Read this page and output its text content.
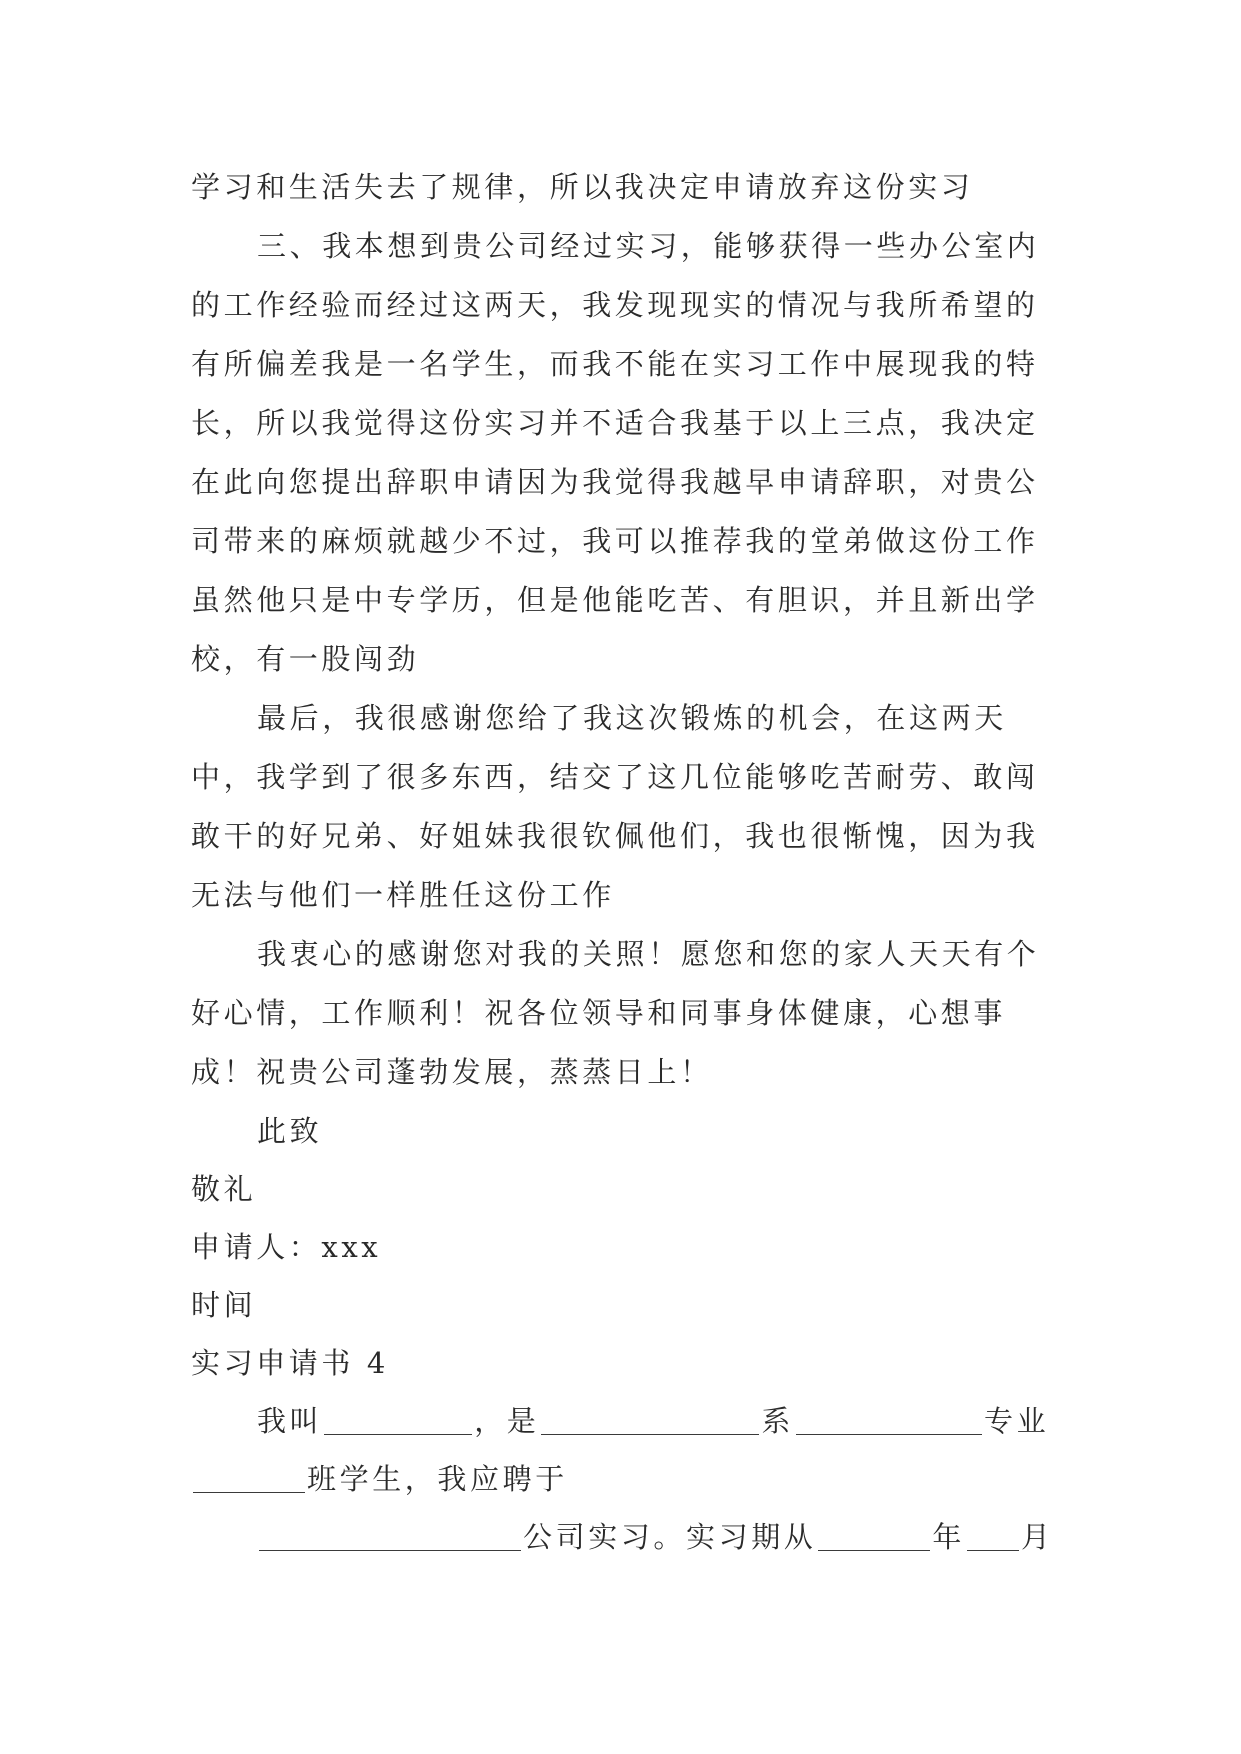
学习和生活失去了规律，所以我决定申请放弃这份实习

三、我本想到贵公司经过实习，能够获得一些办公室内的工作经验而经过这两天，我发现现实的情况与我所希望的有所偏差我是一名学生，而我不能在实习工作中展现我的特长，所以我觉得这份实习并不适合我基于以上三点，我决定在此向您提出辞职申请因为我觉得我越早申请辞职，对贵公司带来的麻烦就越少不过，我可以推荐我的堂弟做这份工作虽然他只是中专学历，但是他能吃苦、有胆识，并且新出学校，有一股闯劲

最后，我很感谢您给了我这次锻炼的机会，在这两天中，我学到了很多东西，结交了这几位能够吃苦耐劳、敢闯敢干的好兄弟、好姐妹我很钦佩他们，我也很惭愧，因为我无法与他们一样胜任这份工作

我衷心的感谢您对我的关照！愿您和您的家人天天有个好心情，工作顺利！祝各位领导和同事身体健康，心想事成！祝贵公司蓬勃发展，蒸蒸日上！

此致

敬礼

申请人：xxx

时间

实习申请书 4

我叫	，是	系	专业

班学生，我应聘于

公司实习。实习期从	年 月
